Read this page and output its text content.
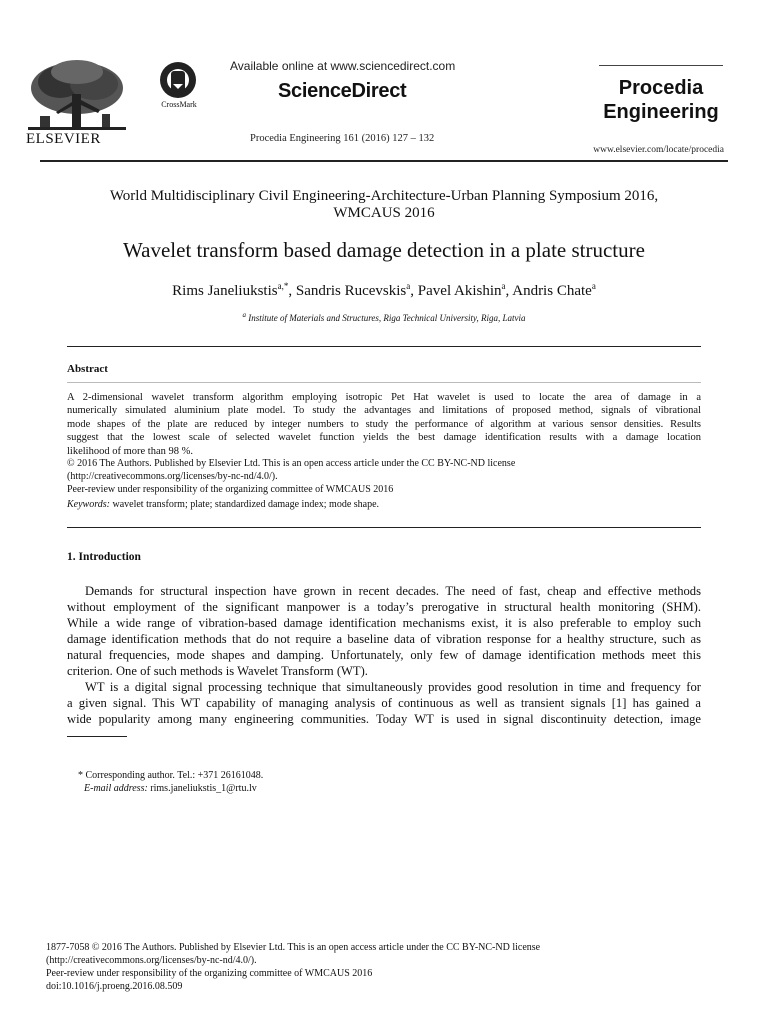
ELSEVIER
CrossMark
Available online at www.sciencedirect.com
ScienceDirect
Procedia Engineering 161 (2016) 127 – 132
Procedia
Engineering
www.elsevier.com/locate/procedia
World Multidisciplinary Civil Engineering-Architecture-Urban Planning Symposium 2016,
WMCAUS 2016
Wavelet transform based damage detection in a plate structure
Rims Janeliukstis$^{a,*}$, Sandris Rucevskis$^a$, Pavel Akishin$^a$, Andris Chate$^a$
$^a$ Institute of Materials and Structures, Riga Technical University, Riga, Latvia
Abstract
A 2-dimensional wavelet transform algorithm employing isotropic Pet Hat wavelet is used to locate the area of damage in a
numerically simulated aluminium plate model. To study the advantages and limitations of proposed method, signals of vibrational
mode shapes of the plate are reduced by integer numbers to study the performance of algorithm at various sensor densities. Results
suggest that the lowest scale of selected wavelet function yields the best damage identification results with a damage location
likelihood of more than 98 %.
© 2016 The Authors. Published by Elsevier Ltd. This is an open access article under the CC BY-NC-ND license
(http://creativecommons.org/licenses/by-nc-nd/4.0/).
Peer-review under responsibility of the organizing committee of WMCAUS 2016
Keywords: wavelet transform; plate; standardized damage index; mode shape.
1. Introduction
Demands for structural inspection have grown in recent decades. The need of fast, cheap and effective methods
without employment of the significant manpower is a today’s prerogative in structural health monitoring (SHM).
While a wide range of vibration-based damage identification mechanisms exist, it is also preferable to employ such
damage identification methods that do not require a baseline data of vibration response for a healthy structure, such as
natural frequencies, mode shapes and damping. Unfortunately, only few of damage identification methods meet this
criterion. One of such methods is Wavelet Transform (WT).
WT is a digital signal processing technique that simultaneously provides good resolution in time and frequency for
a given signal. This WT capability of managing analysis of continuous as well as transient signals [1] has gained a
wide popularity among many engineering communities. Today WT is used in signal discontinuity detection, image
* Corresponding author. Tel.: +371 26161048.
E-mail address: rims.janeliukstis_1@rtu.lv
1877-7058 © 2016 The Authors. Published by Elsevier Ltd. This is an open access article under the CC BY-NC-ND license
(http://creativecommons.org/licenses/by-nc-nd/4.0/).
Peer-review under responsibility of the organizing committee of WMCAUS 2016
doi:10.1016/j.proeng.2016.08.509
